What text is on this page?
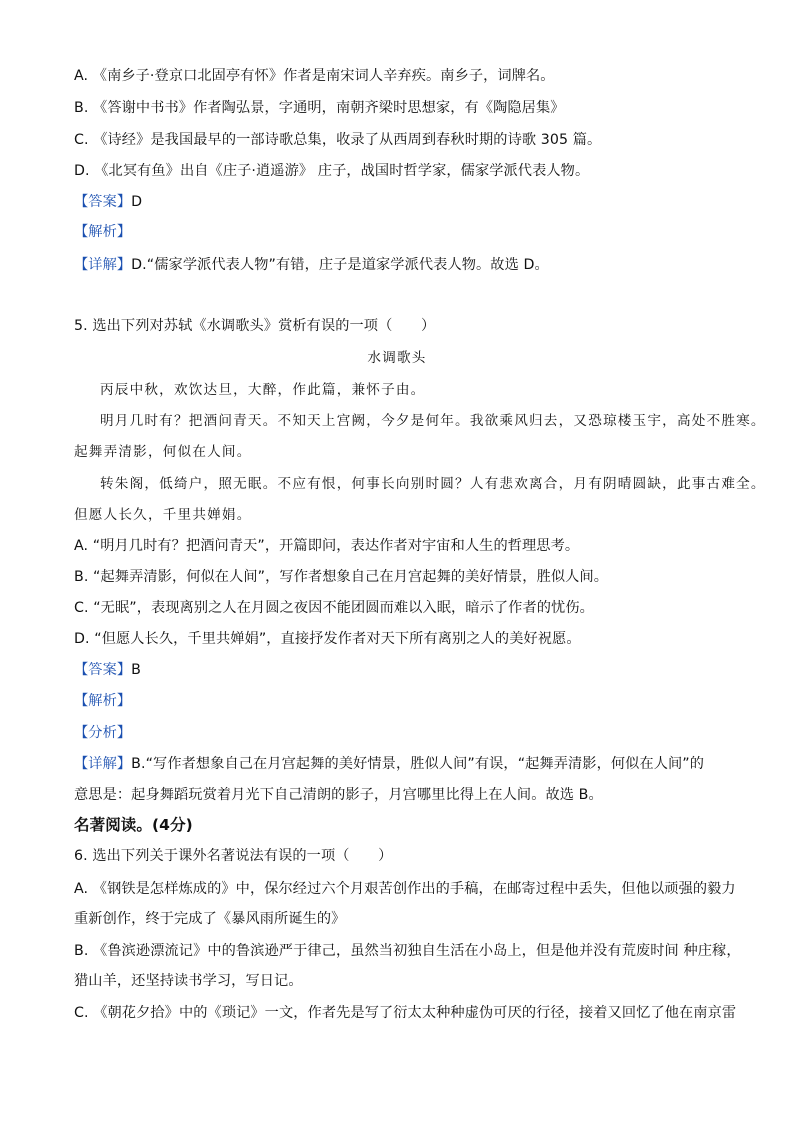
A. 《南乡子·登京口北固亭有怀》作者是南宋词人辛弃疾。南乡子，词牌名。
B. 《答谢中书书》作者陶弘景，字通明，南朝齐梁时思想家，有《陶隐居集》
C. 《诗经》是我国最早的一部诗歌总集，收录了从西周到春秋时期的诗歌 305 篇。
D. 《北冥有鱼》出自《庄子·逍遥游》 庄子，战国时哲学家，儒家学派代表人物。
【答案】D
【解析】
【详解】D.“儒家学派代表人物”有错，庄子是道家学派代表人物。故选 D。
5. 选出下列对苏轼《水调歌头》赏析有误的一项（　　）
水调歌头
丙辰中秋，欢饮达旦，大醉，作此篇，兼怀子由。
明月几时有？把酒问青天。不知天上宫阙，今夕是何年。我欲乘风归去，又恐琼楼玉宇，高处不胜寒。
起舞弄清影，何似在人间。
转朱阁，低绮户，照无眠。不应有恨，何事长向别时圆？人有悲欢离合，月有阴晴圆缺，此事古难全。
但愿人长久，千里共婵娟。
A. “明月几时有？把酒问青天”，开篇即问，表达作者对宇宙和人生的哲理思考。
B. “起舞弄清影，何似在人间”，写作者想象自己在月宫起舞的美好情景，胜似人间。
C. “无眠”，表现离别之人在月圆之夜因不能团圆而难以入眠，暗示了作者的忧伤。
D. “但愿人长久，千里共婵娟”，直接抒发作者对天下所有离别之人的美好祝愿。
【答案】B
【解析】
【分析】
【详解】B.“写作者想象自己在月宫起舞的美好情景，胜似人间”有误，“起舞弄清影，何似在人间”的
意思是：起身舞蹈玩赏着月光下自己清朗的影子，月宫哪里比得上在人间。故选 B。
名著阅读。(4分)
6. 选出下列关于课外名著说法有误的一项（　　）
A. 《钢铁是怎样炼成的》中，保尔经过六个月艰苦创作出的手稿，在邮寄过程中丢失，但他以顽强的毅力
重新创作，终于完成了《暴风雨所诞生的》
B. 《鲁滨逊漂流记》中的鲁滨逊严于律己，虽然当初独自生活在小岛上，但是他并没有荒废时间 种庄稼，
猎山羊，还坚持读书学习，写日记。
C. 《朝花夕拾》中的《琐记》一文，作者先是写了衍太太种种虚伪可厌的行径，接着又回忆了他在南京雷
